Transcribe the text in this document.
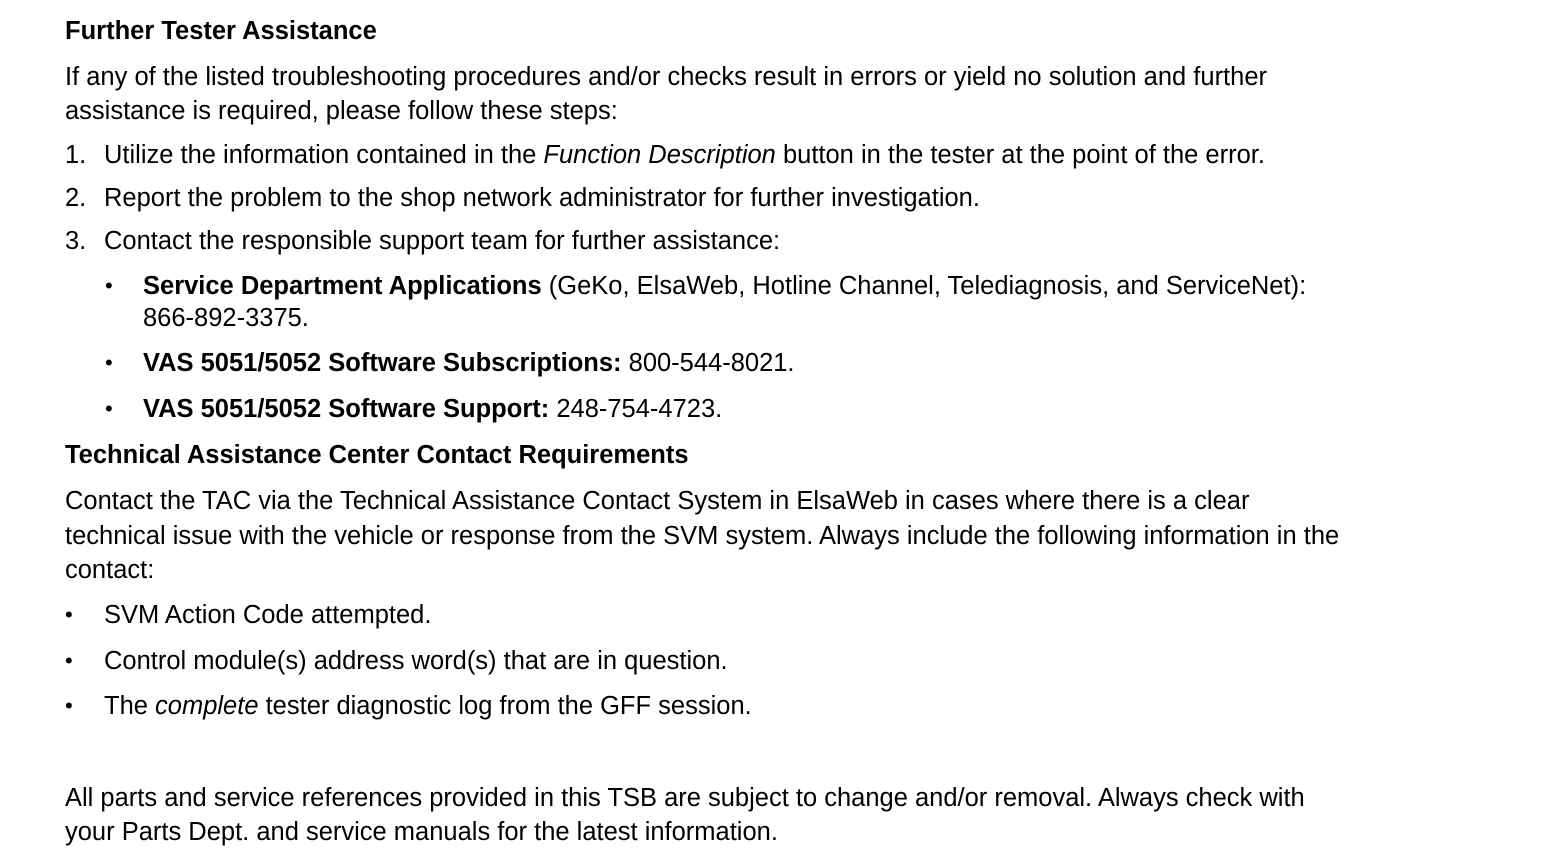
Further Tester Assistance

If any of the listed troubleshooting procedures and/or checks result in errors or yield no solution and further

assistance is required, please follow these steps:

1. Utilize the information contained in the Function Description button in the tester at the point of the error.
2. Report the problem to the shop network administrator for further investigation.
3. Contact the responsible support team for further assistance:
• Service Department Applications (GeKo, ElsaWeb, Hotline Channel, Telediagnosis, and ServiceNet):
866-892-3375.
• VAS 5051/5052 Software Subscriptions: 800-544-8021.
• VAS 5051/5052 Software Support: 248-754-4723.
Technical Assistance Center Contact Requirements

Contact the TAC via the Technical Assistance Contact System in ElsaWeb in cases where there is a clear

technical issue with the vehicle or response from the SVM system. Always include the following information in the

contact:

• SVM Action Code attempted.
• Control module(s) address word(s) that are in question.
• The complete tester diagnostic log from the GFF session.

All parts and service references provided in this TSB are subject to change and/or removal. Always check with

your Parts Dept. and service manuals for the latest information.
